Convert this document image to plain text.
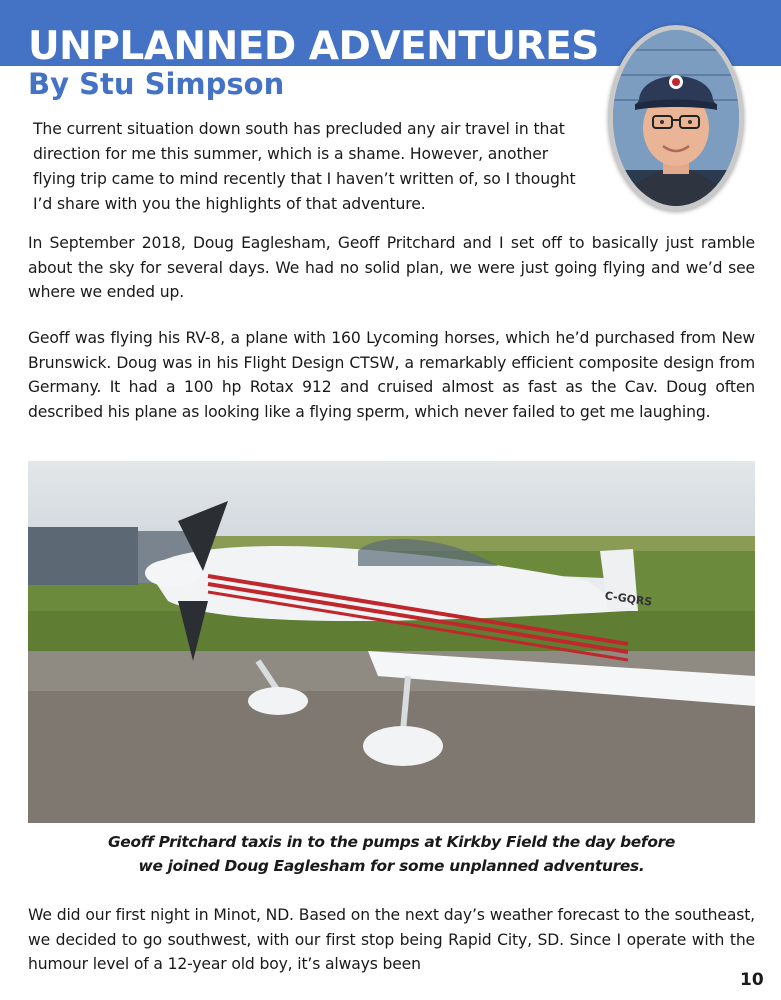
UNPLANNED ADVENTURES
By Stu Simpson

The current situation down south has precluded any air travel in that direction for me this summer, which is a shame. However, another flying trip came to mind recently that I haven’t written of, so I thought I’d share with you the highlights of that adventure.

In September 2018, Doug Eaglesham, Geoff Pritchard and I set off to basically just ramble about the sky for several days. We had no solid plan, we were just going flying and we’d see where we ended up.

Geoff was flying his RV-8, a plane with 160 Lycoming horses, which he’d purchased from New Brunswick. Doug was in his Flight Design CTSW, a remarkably efficient composite design from Germany. It had a 100 hp Rotax 912 and cruised almost as fast as the Cav. Doug often described his plane as looking like a flying sperm, which never failed to get me laughing.

C-GQRS

Geoff Pritchard taxis in to the pumps at Kirkby Field the day before
we joined Doug Eaglesham for some unplanned adventures.

We did our first night in Minot, ND. Based on the next day’s weather forecast to the southeast, we decided to go southwest, with our first stop being Rapid City, SD. Since I operate with the humour level of a 12-year old boy, it’s always been

10
